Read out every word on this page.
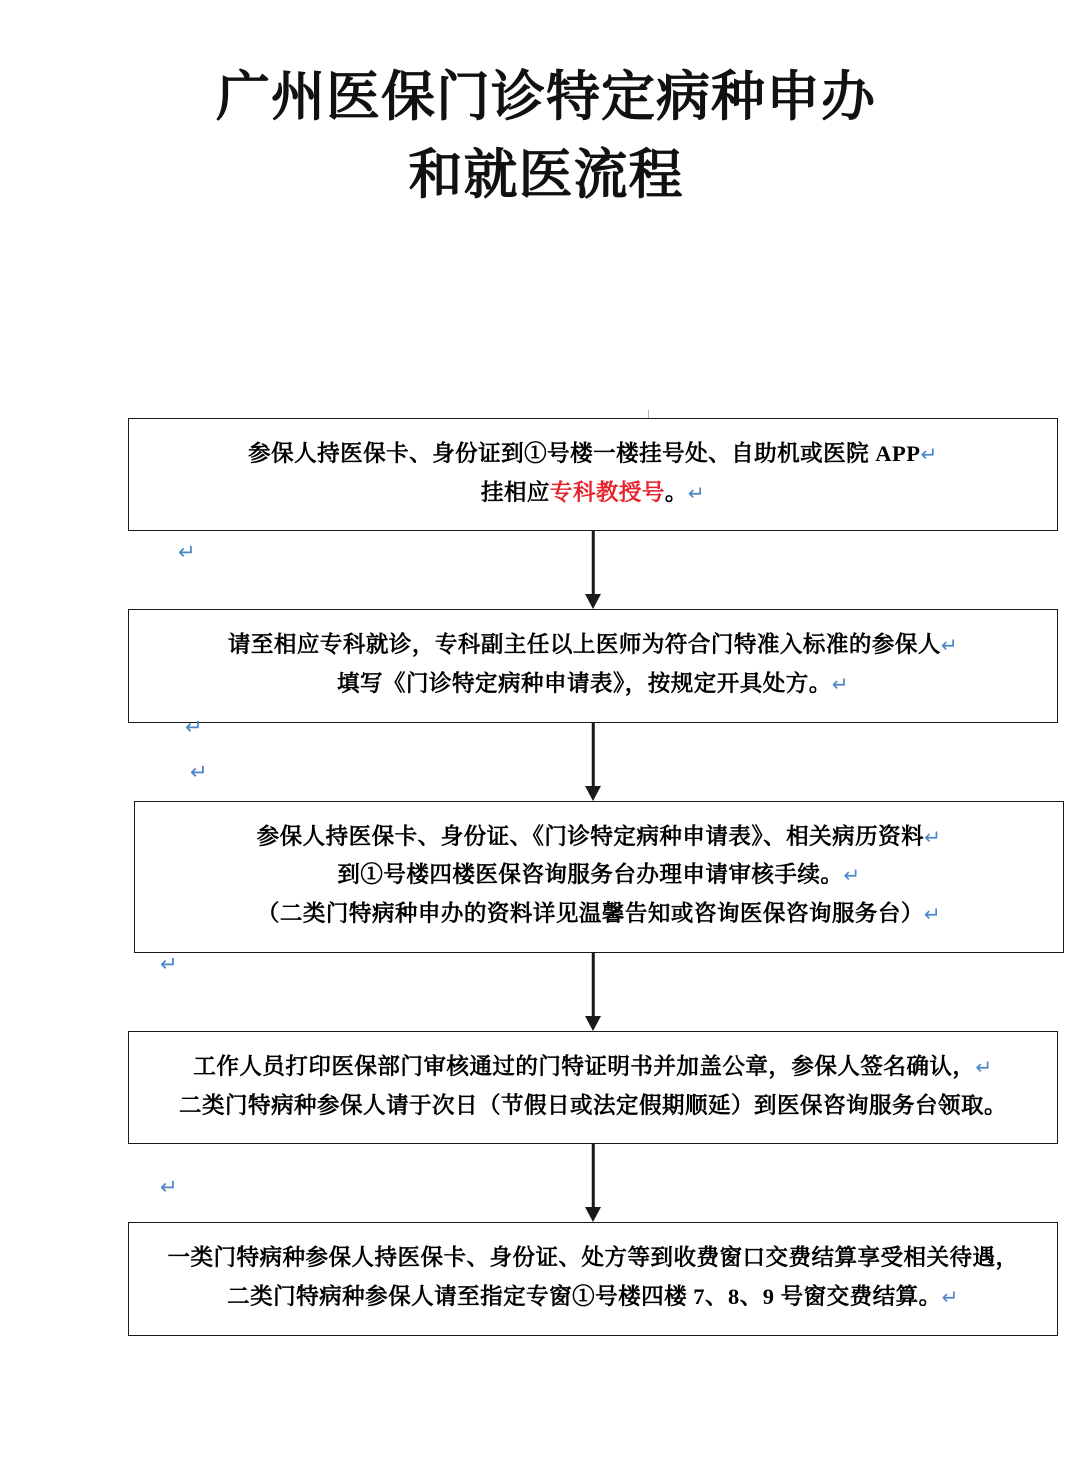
广州医保门诊特定病种申办
和就医流程

参保人持医保卡、身份证到①号楼一楼挂号处、自助机或医院 APP↵

挂相应专科教授号。↵

请至相应专科就诊，专科副主任以上医师为符合门特准入标准的参保人↵

填写《门诊特定病种申请表》，按规定开具处方。↵

参保人持医保卡、身份证、《门诊特定病种申请表》、相关病历资料↵

到①号楼四楼医保咨询服务台办理申请审核手续。↵

（二类门特病种申办的资料详见温馨告知或咨询医保咨询服务台）↵

工作人员打印医保部门审核通过的门特证明书并加盖公章，参保人签名确认，↵

二类门特病种参保人请于次日（节假日或法定假期顺延）到医保咨询服务台领取。

一类门特病种参保人持医保卡、身份证、处方等到收费窗口交费结算享受相关待遇，

二类门特病种参保人请至指定专窗①号楼四楼 7、8、9 号窗交费结算。↵

↵
↵
↵
↵
↵
